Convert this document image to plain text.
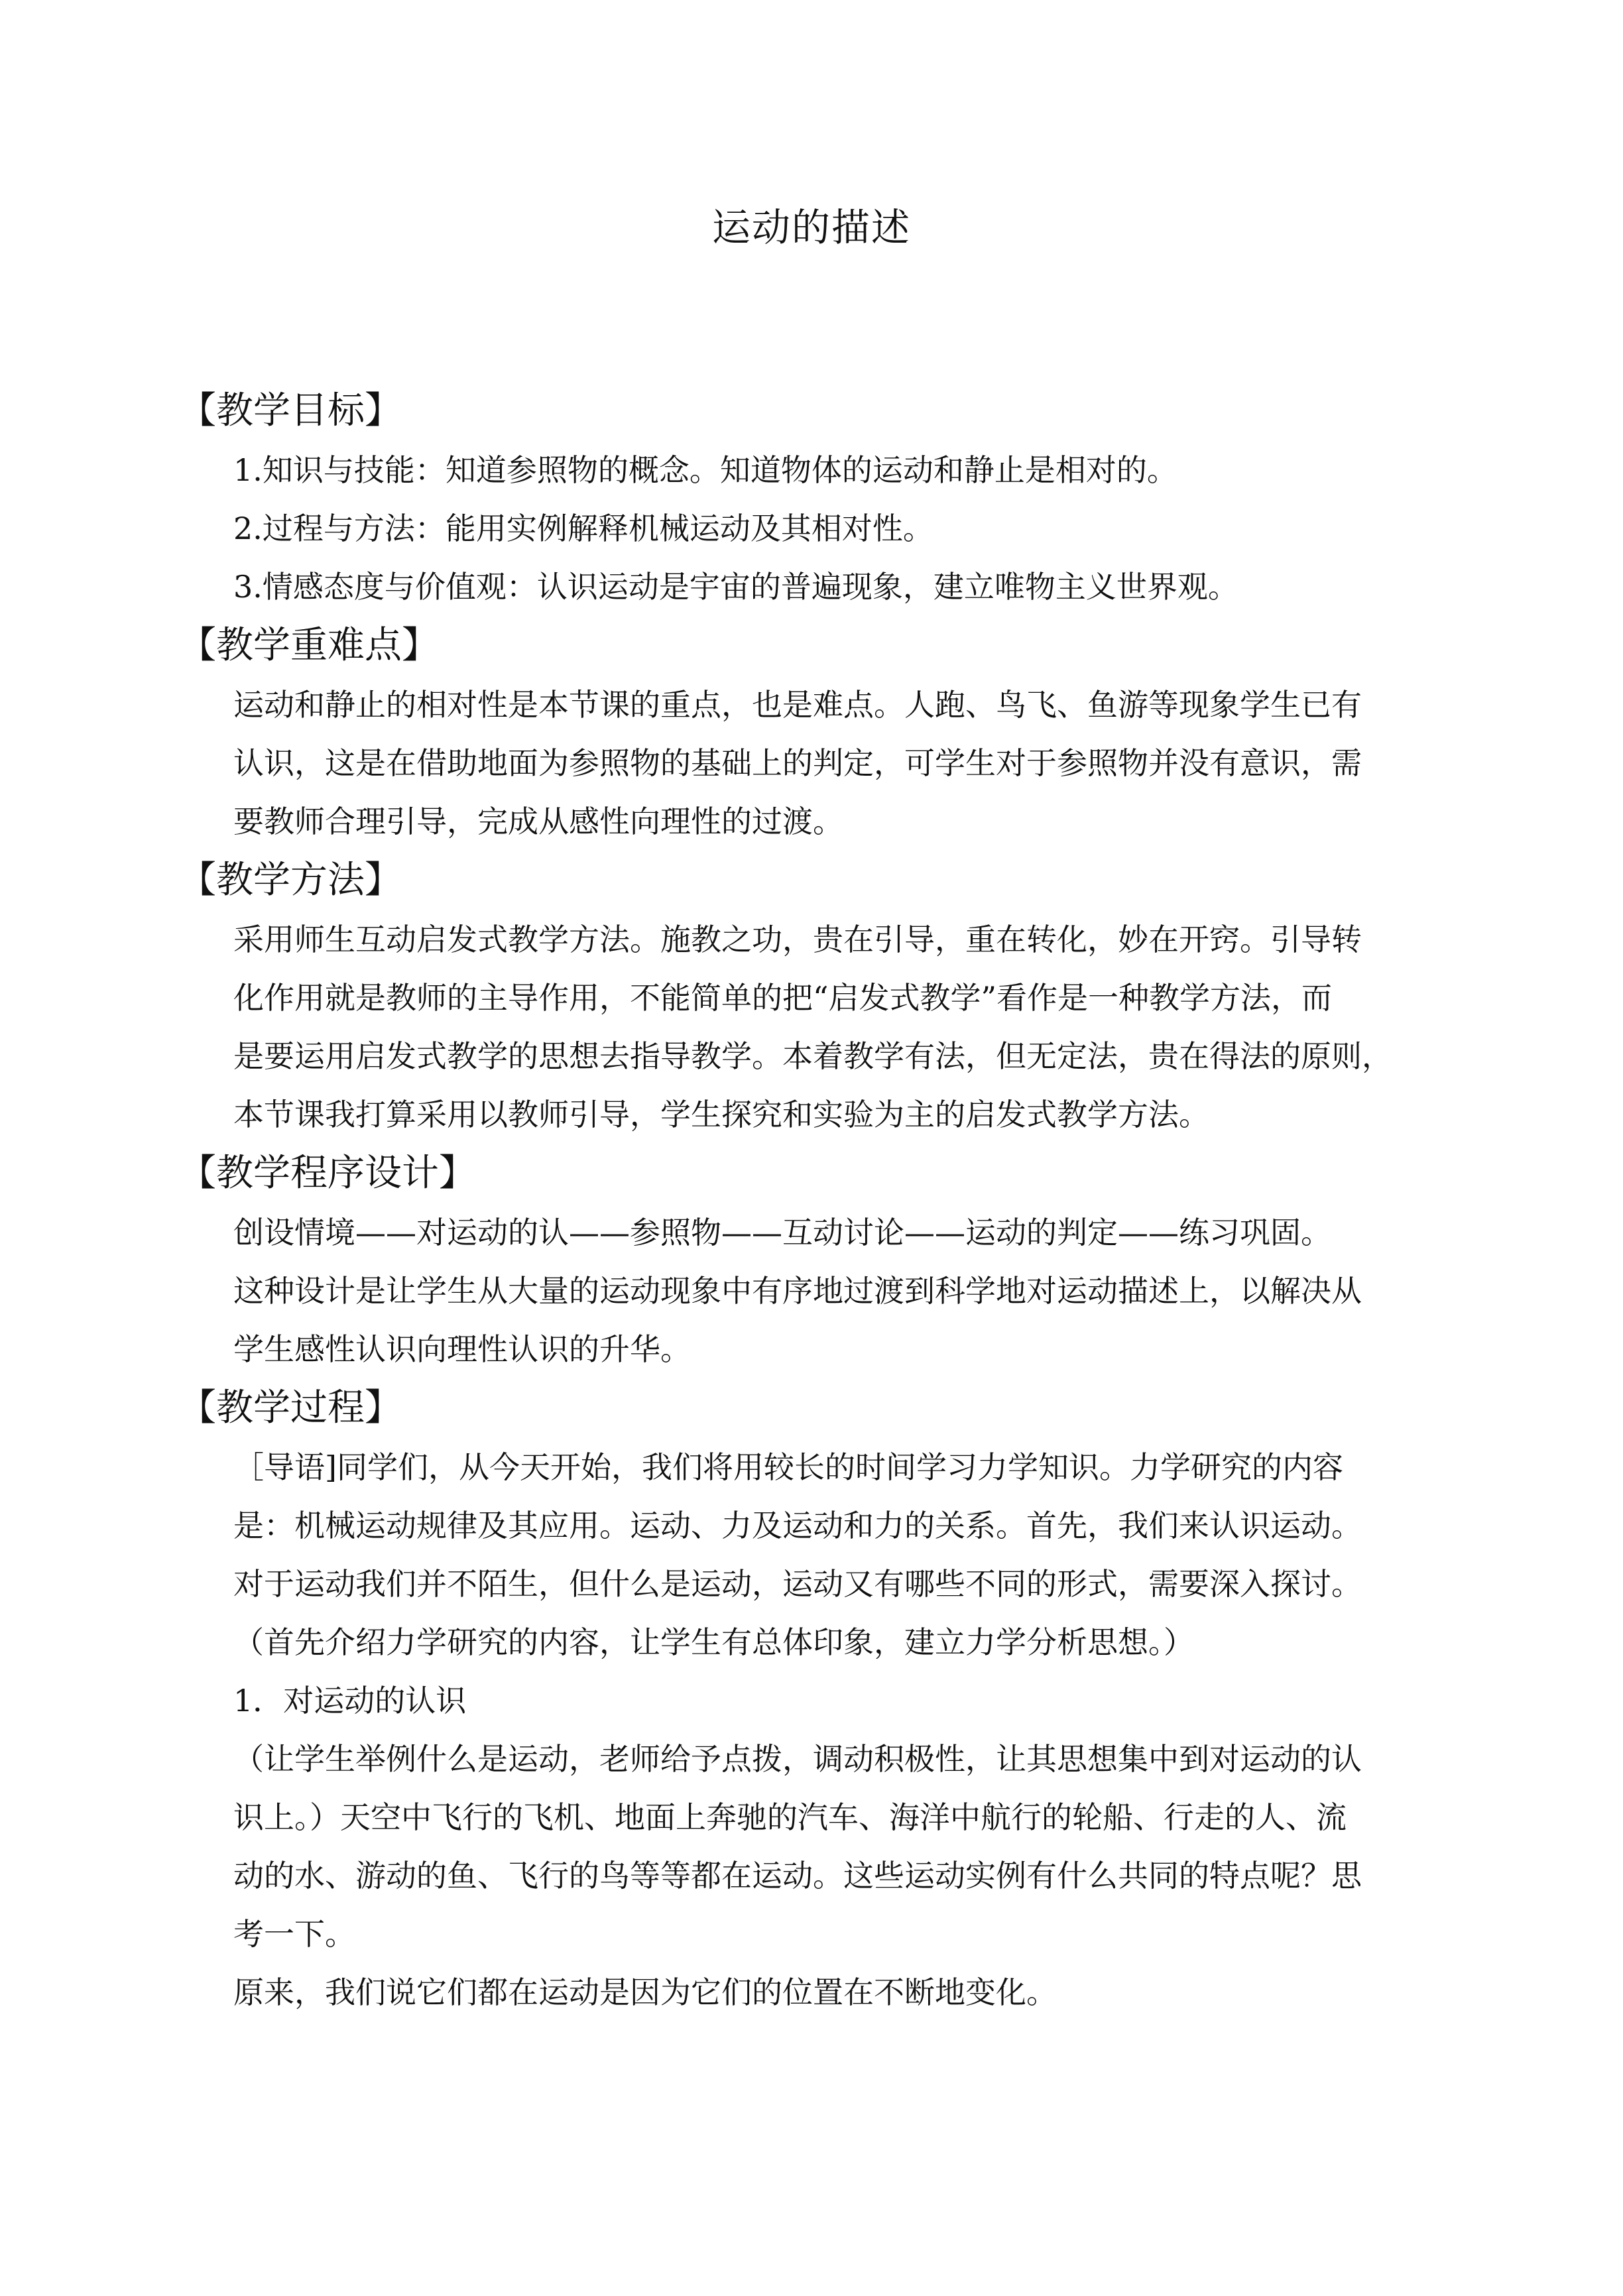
运动的描述
【教学目标】
1.知识与技能：知道参照物的概念。知道物体的运动和静止是相对的。
2.过程与方法：能用实例解释机械运动及其相对性。
3.情感态度与价值观：认识运动是宇宙的普遍现象，建立唯物主义世界观。
【教学重难点】
运动和静止的相对性是本节课的重点，也是难点。人跑、鸟飞、鱼游等现象学生已有
认识，这是在借助地面为参照物的基础上的判定，可学生对于参照物并没有意识，需
要教师合理引导，完成从感性向理性的过渡。
【教学方法】
采用师生互动启发式教学方法。施教之功，贵在引导，重在转化，妙在开窍。引导转
化作用就是教师的主导作用，不能简单的把“启发式教学”看作是一种教学方法，而
是要运用启发式教学的思想去指导教学。本着教学有法，但无定法，贵在得法的原则，
本节课我打算采用以教师引导，学生探究和实验为主的启发式教学方法。
【教学程序设计】
创设情境——对运动的认——参照物——互动讨论——运动的判定——练习巩固。
这种设计是让学生从大量的运动现象中有序地过渡到科学地对运动描述上，以解决从
学生感性认识向理性认识的升华。
【教学过程】
［导语]同学们，从今天开始，我们将用较长的时间学习力学知识。力学研究的内容
是：机械运动规律及其应用。运动、力及运动和力的关系。首先，我们来认识运动。
对于运动我们并不陌生，但什么是运动，运动又有哪些不同的形式，需要深入探讨。
（首先介绍力学研究的内容，让学生有总体印象，建立力学分析思想。）
1．对运动的认识
（让学生举例什么是运动，老师给予点拨，调动积极性，让其思想集中到对运动的认
识上。）天空中飞行的飞机、地面上奔驰的汽车、海洋中航行的轮船、行走的人、流
动的水、游动的鱼、飞行的鸟等等都在运动。这些运动实例有什么共同的特点呢？思
考一下。
原来，我们说它们都在运动是因为它们的位置在不断地变化。
